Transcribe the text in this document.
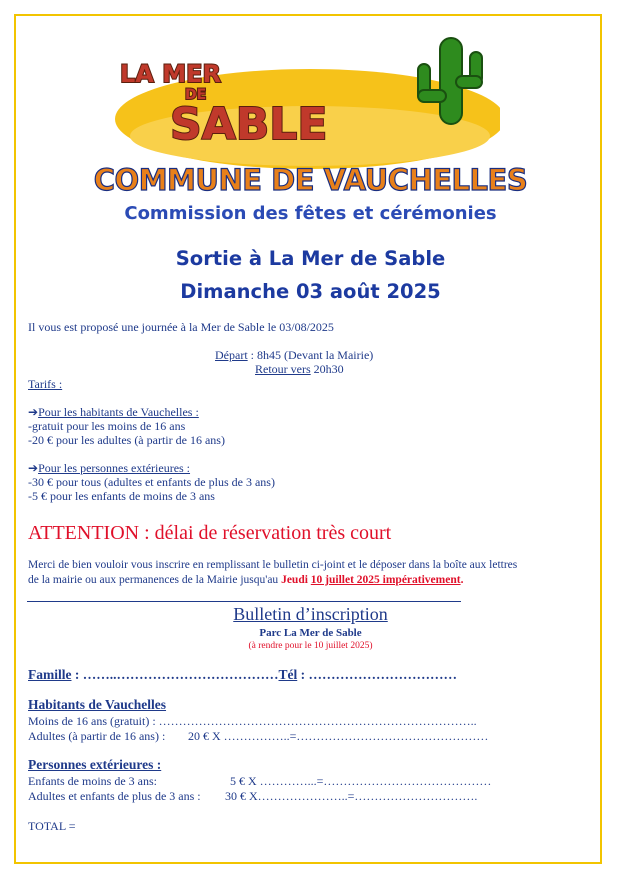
LA MER
DE
SABLE
COMMUNE DE VAUCHELLES
Commission des fêtes et cérémonies
Sortie à La Mer de Sable
Dimanche 03 août 2025
Il vous est proposé une journée à la Mer de Sable le 03/08/2025
Départ : 8h45 (Devant la Mairie)
Retour vers 20h30
Tarifs :
➔Pour les habitants de Vauchelles :
-gratuit pour les moins de 16 ans
-20 € pour les adultes (à partir de 16 ans)
➔Pour les personnes extérieures :
-30 € pour tous (adultes et enfants de plus de 3 ans)
-5 € pour les enfants de moins de 3 ans
ATTENTION : délai de réservation très court
Merci de bien vouloir vous inscrire en remplissant le bulletin ci-joint et le déposer dans la boîte aux lettres
de la mairie ou aux permanences de la Mairie jusqu'au Jeudi 10 juillet 2025 impérativement.
Bulletin d’inscription
Parc La Mer de Sable
(à rendre pour le 10 juillet 2025)
Famille : ……..………………………………Tél : ……………………………
Habitants de Vauchelles
Moins de 16 ans (gratuit) : ……………………………………………………………………..
Adultes (à partir de 16 ans) : 20 € X ……………..=…………………………………………
Personnes extérieures :
Enfants de moins de 3 ans:	5 € X …………...=……………………………………
Adultes et enfants de plus de 3 ans : 30 € X…………………..=………………………….
TOTAL =
